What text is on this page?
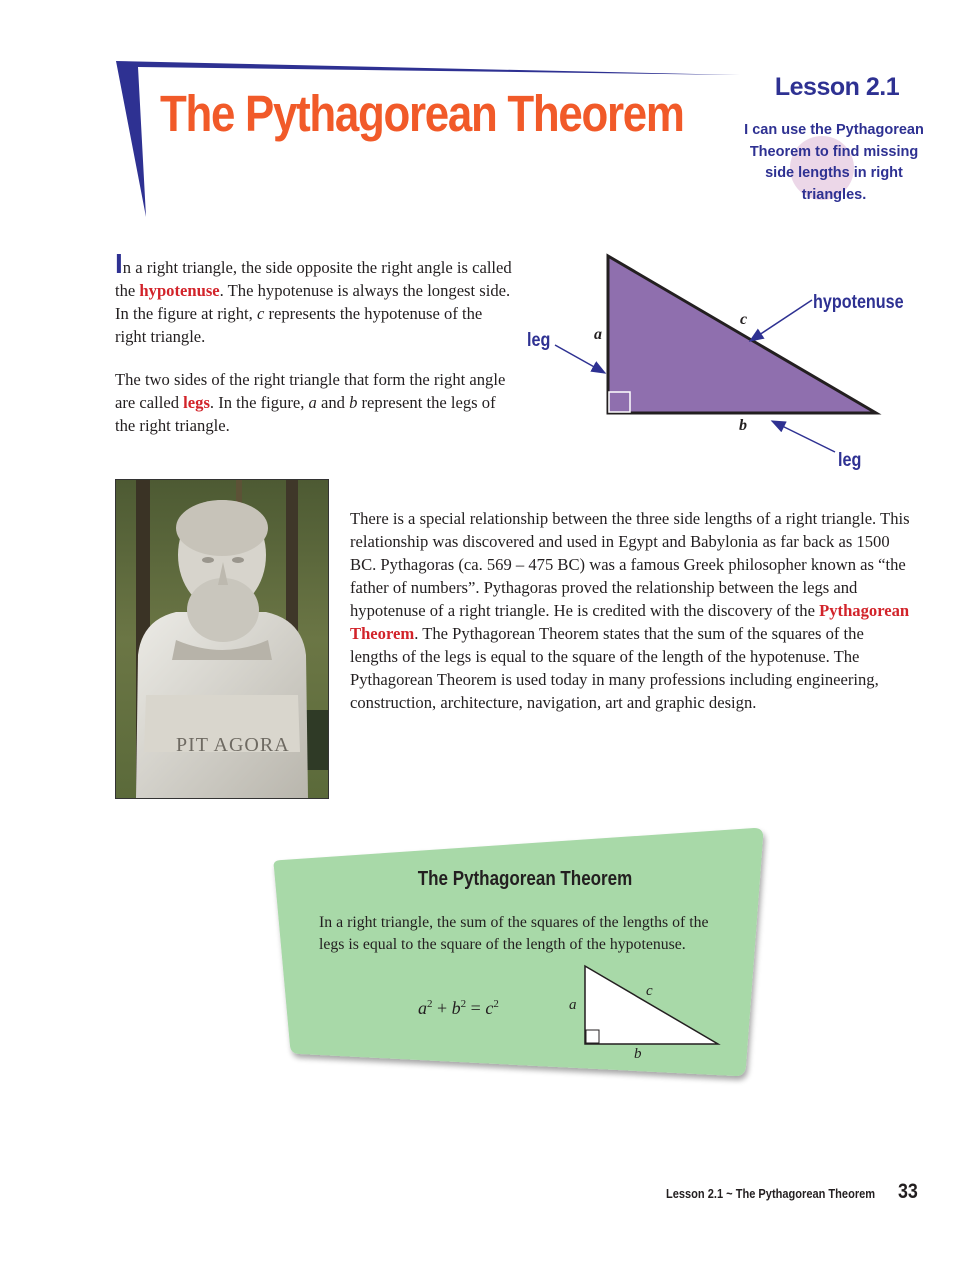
The Pythagorean Theorem	Lesson 2.1
I can use the Pythagorean Theorem to find missing side lengths in right triangles.
In a right triangle, the side opposite the right angle is called the hypotenuse. The hypotenuse is always the longest side. In the figure at right, c represents the hypotenuse of the right triangle.
The two sides of the right triangle that form the right angle are called legs. In the figure, a and b represent the legs of the right triangle.
leg
hypotenuse
leg
a
c
b
PIT AGORA
There is a special relationship between the three side lengths of a right triangle. This relationship was discovered and used in Egypt and Babylonia as far back as 1500 BC. Pythagoras (ca. 569 – 475 BC) was a famous Greek philosopher known as “the father of numbers”. Pythagoras proved the relationship between the legs and hypotenuse of a right triangle. He is credited with the discovery of the Pythagorean Theorem. The Pythagorean Theorem states that the sum of the squares of the lengths of the legs is equal to the square of the length of the hypotenuse. The Pythagorean Theorem is used today in many professions including engineering, construction, architecture, navigation, art and graphic design.
The Pythagorean Theorem
In a right triangle, the sum of the squares of the lengths of the legs is equal to the square of the length of the hypotenuse.
$a^2 + b^2 = c^2$	a
c
b
Lesson 2.1 ~ The Pythagorean Theorem 33
